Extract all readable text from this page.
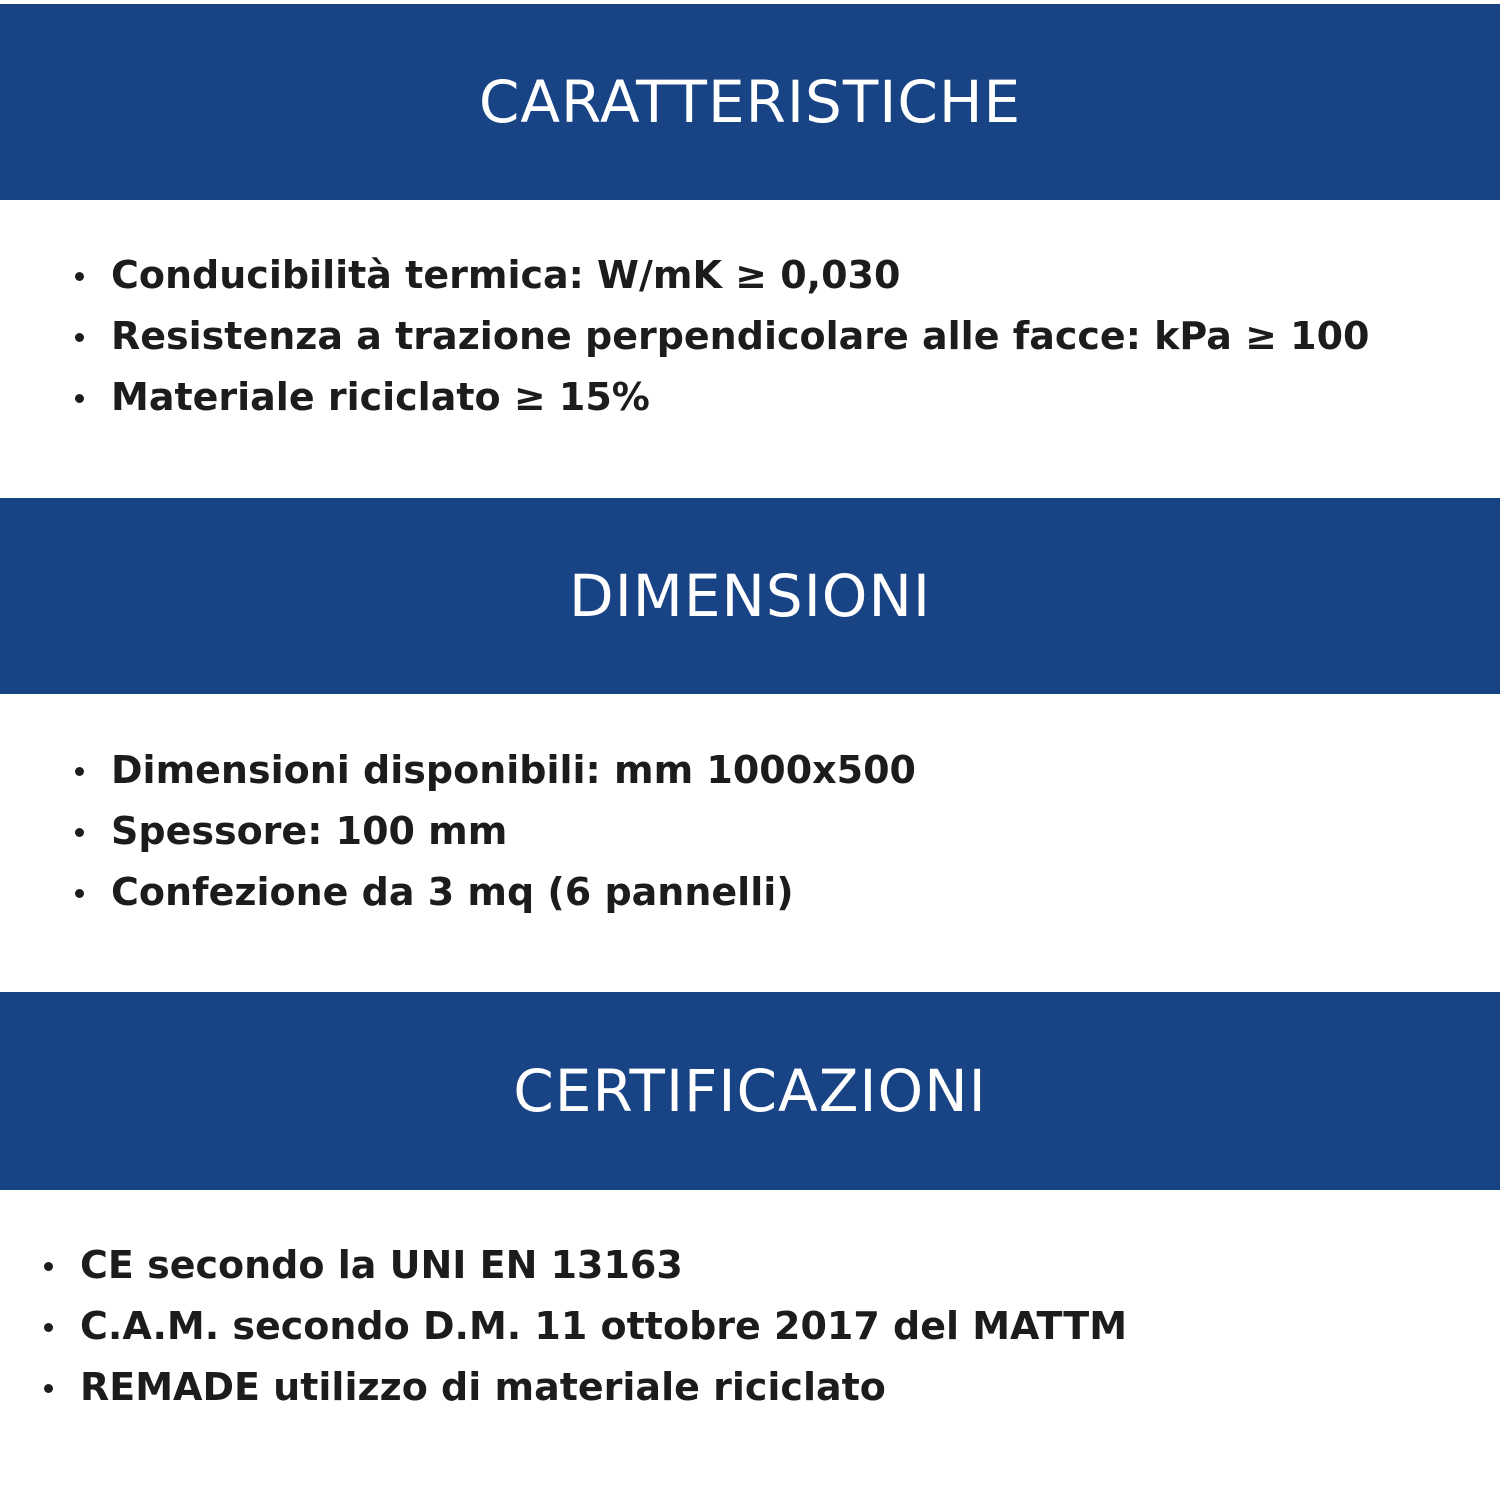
CARATTERISTICHE
Conducibilità termica: W/mK ≥ 0,030
Resistenza a trazione perpendicolare alle facce: kPa ≥ 100
Materiale riciclato ≥ 15%
DIMENSIONI
Dimensioni disponibili: mm 1000x500
Spessore: 100 mm
Confezione da 3 mq (6 pannelli)
CERTIFICAZIONI
CE secondo la UNI EN 13163
C.A.M. secondo D.M. 11 ottobre 2017 del MATTM
REMADE utilizzo di materiale riciclato
